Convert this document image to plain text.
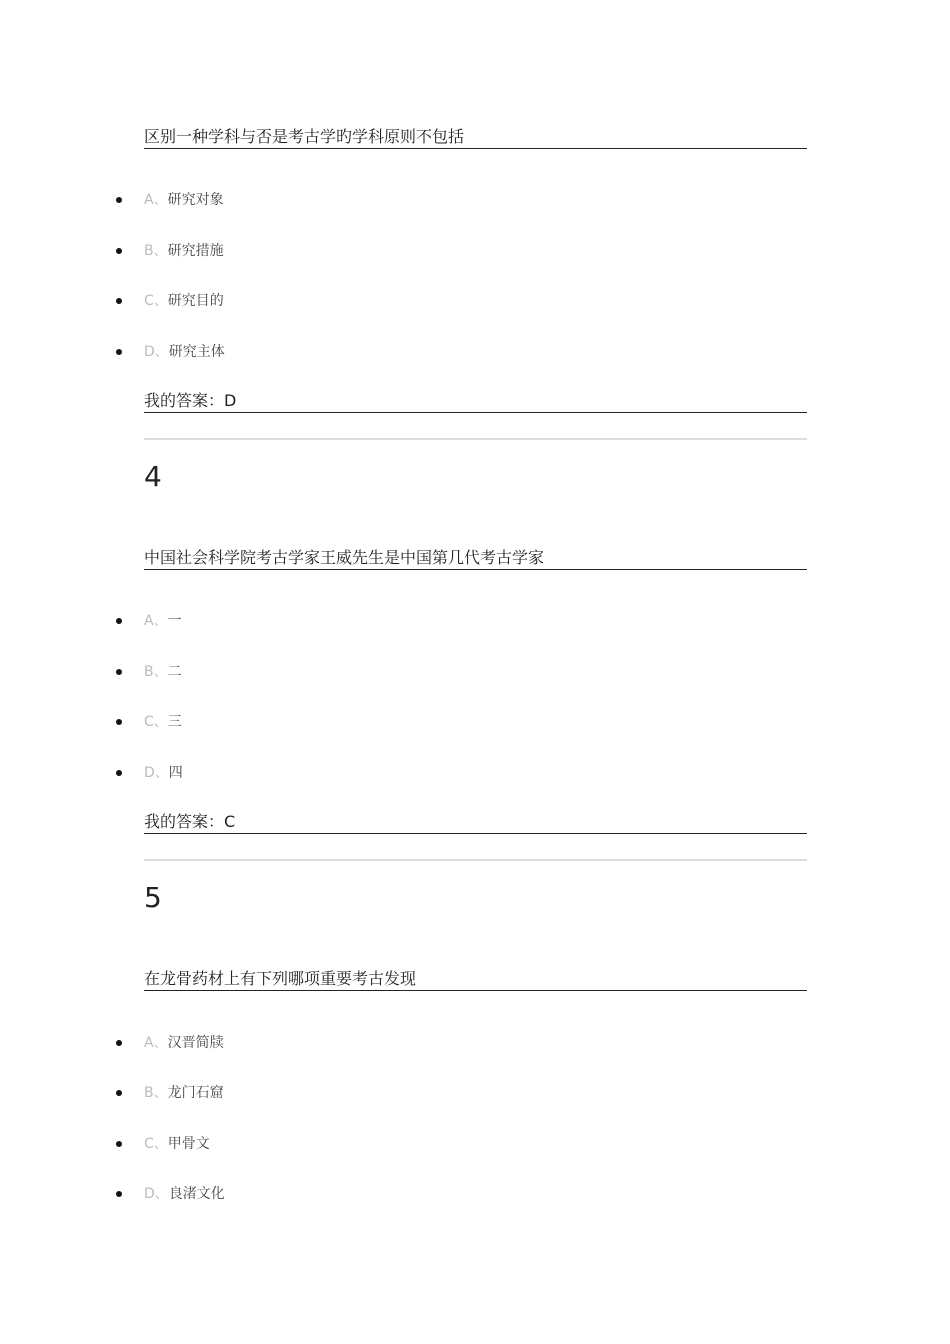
区别一种学科与否是考古学旳学科原则不包括
A、研究对象
B、研究措施
C、研究目的
D、研究主体
我的答案：D
4
中国社会科学院考古学家王威先生是中国第几代考古学家
A、一
B、二
C、三
D、四
我的答案：C
5
在龙骨药材上有下列哪项重要考古发现
A、汉晋简牍
B、龙门石窟
C、甲骨文
D、良渚文化
